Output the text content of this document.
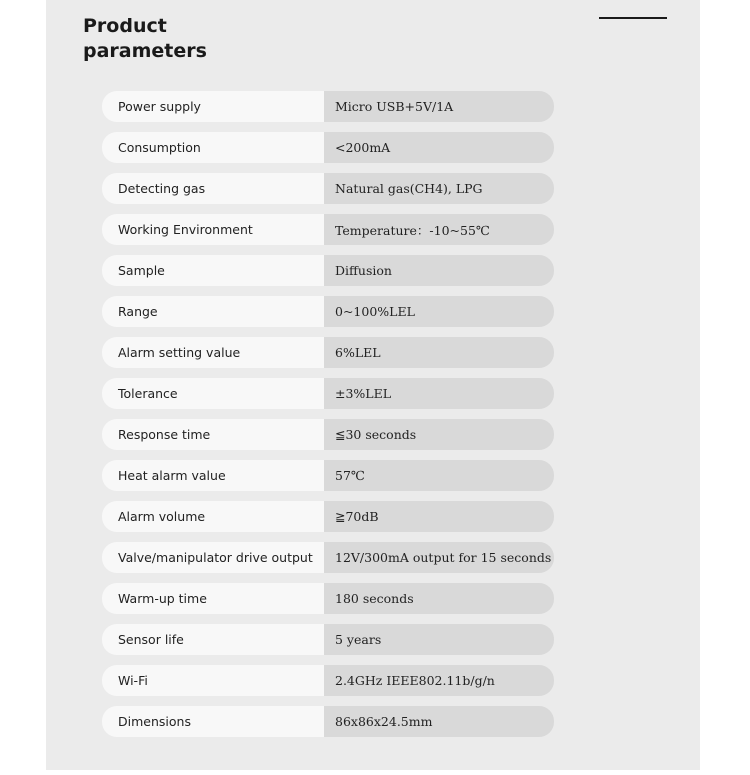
Product
parameters
Power supply	Micro USB+5V/1A
Consumption	<200mA
Detecting gas	Natural gas(CH4), LPG
Working Environment	Temperature：-10~55℃
Sample	Diffusion
Range	0~100%LEL
Alarm setting value	6%LEL
Tolerance	±3%LEL
Response time	≦30 seconds
Heat alarm value	57℃
Alarm volume	≧70dB
Valve/manipulator drive output	12V/300mA output for 15 seconds
Warm-up time	180 seconds
Sensor life	5 years
Wi-Fi	2.4GHz IEEE802.11b/g/n
Dimensions	86x86x24.5mm
